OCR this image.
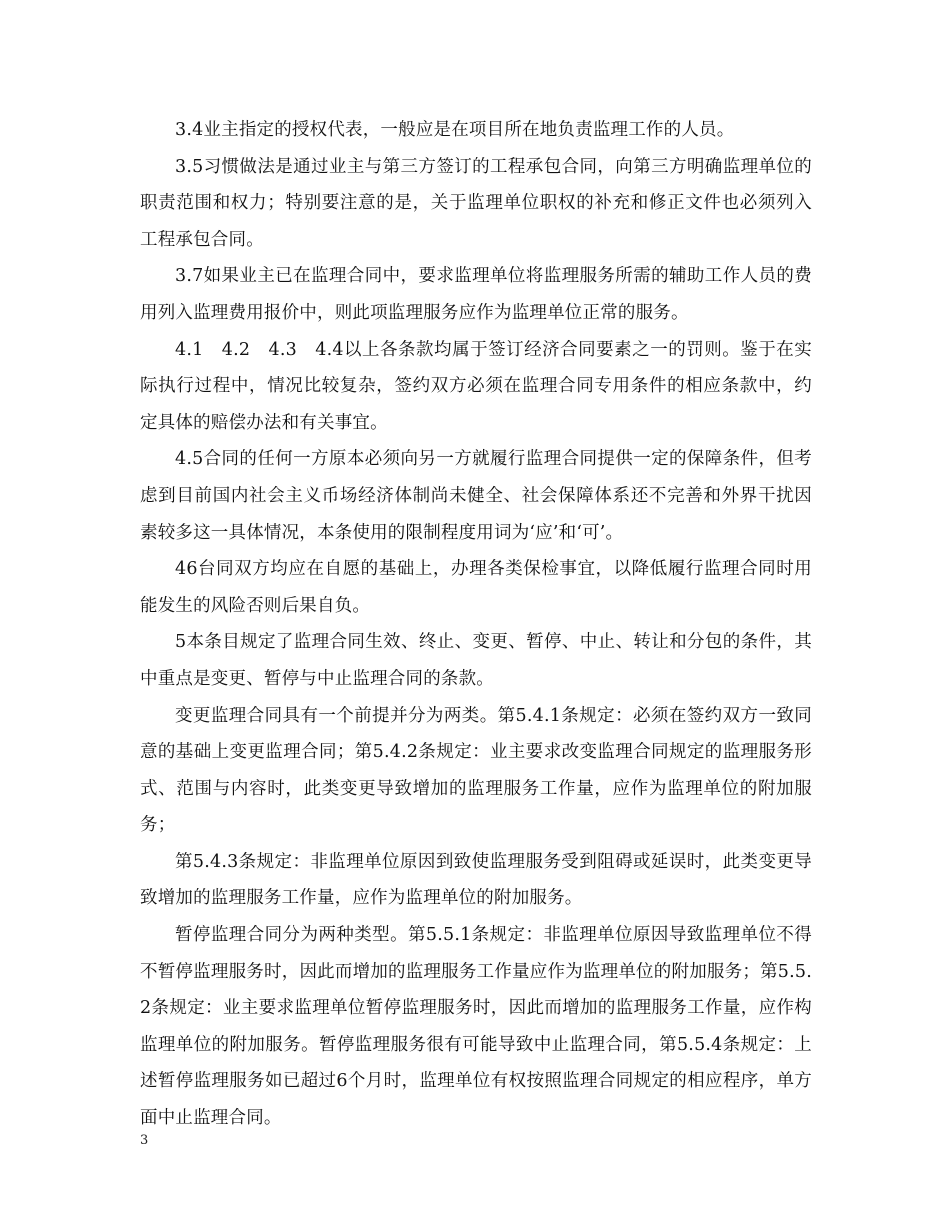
3.4业主指定的授权代表，一般应是在项目所在地负责监理工作的人员。

3.5习惯做法是通过业主与第三方签订的工程承包合同，向第三方明确监理单位的职责范围和权力；特别要注意的是，关于监理单位职权的补充和修正文件也必须列入工程承包合同。

3.7如果业主已在监理合同中，要求监理单位将监理服务所需的辅助工作人员的费用列入监理费用报价中，则此项监理服务应作为监理单位正常的服务。

4.1　4.2　4.3　4.4以上各条款均属于签订经济合同要素之一的罚则。鉴于在实际执行过程中，情况比较复杂，签约双方必须在监理合同专用条件的相应条款中，约定具体的赔偿办法和有关事宜。

4.5合同的任何一方原本必须向另一方就履行监理合同提供一定的保障条件，但考虑到目前国内社会主义币场经济体制尚未健全、社会保障体系还不完善和外界干扰因素较多这一具体情况，本条使用的限制程度用词为‘应’和‘可’。

46台同双方均应在自愿的基础上，办理各类保检事宜，以降低履行监理合同时用能发生的风险否则后果自负。

5本条目规定了监理合同生效、终止、变更、暂停、中止、转让和分包的条件，其中重点是变更、暂停与中止监理合同的条款。

变更监理合同具有一个前提并分为两类。第5.4.1条规定：必须在签约双方一致同意的基础上变更监理合同；第5.4.2条规定：业主要求改变监理合同规定的监理服务形式、范围与内容时，此类变更导致增加的监理服务工作量，应作为监理单位的附加服务；

第5.4.3条规定：非监理单位原因到致使监理服务受到阻碍或延误时，此类变更导致增加的监理服务工作量，应作为监理单位的附加服务。

暂停监理合同分为两种类型。第5.5.1条规定：非监理单位原因导致监理单位不得不暂停监理服务时，因此而增加的监理服务工作量应作为监理单位的附加服务；第5.5.2条规定：业主要求监理单位暂停监理服务时，因此而增加的监理服务工作量，应作构监理单位的附加服务。暂停监理服务很有可能导致中止监理合同，第5.5.4条规定：上述暂停监理服务如已超过6个月时，监理单位有权按照监理合同规定的相应程序，单方面中止监理合同。

3
